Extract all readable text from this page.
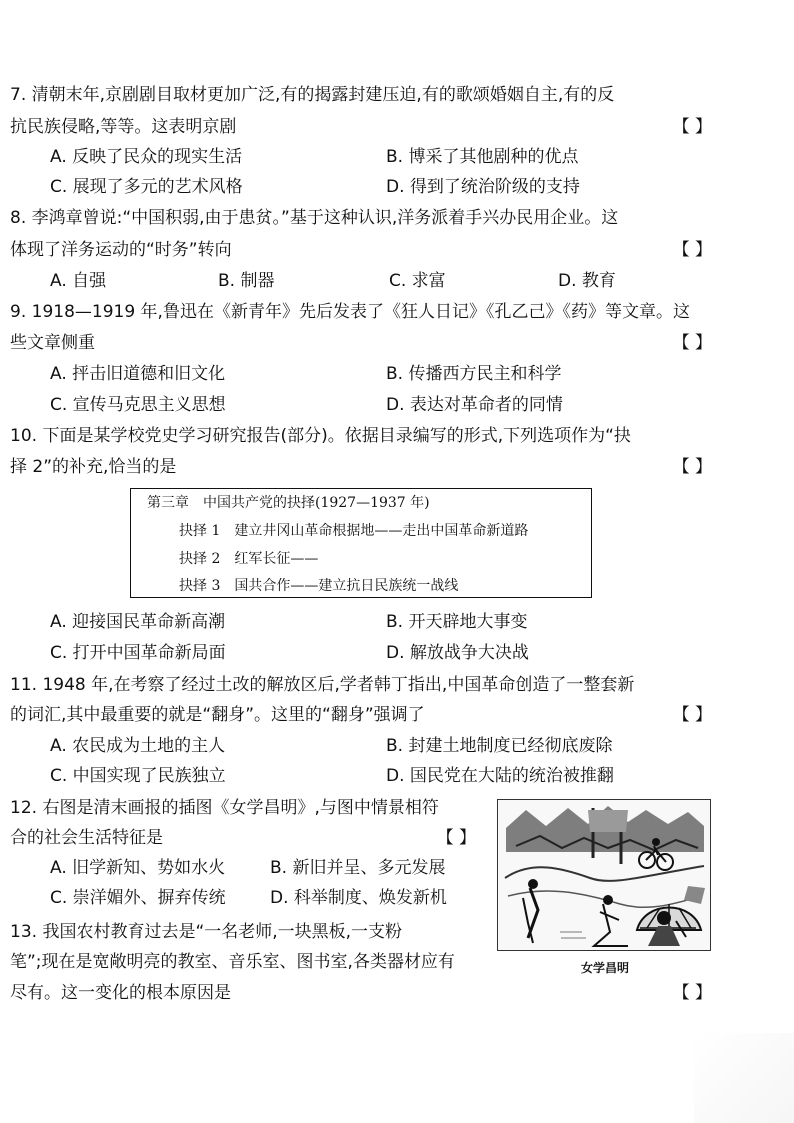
7. 清朝末年,京剧剧目取材更加广泛,有的揭露封建压迫,有的歌颂婚姻自主,有的反
抗民族侵略,等等。这表明京剧	【 】
A. 反映了民众的现实生活	B. 博采了其他剧种的优点
C. 展现了多元的艺术风格	D. 得到了统治阶级的支持
8. 李鸿章曾说:“中国积弱,由于患贫。”基于这种认识,洋务派着手兴办民用企业。这
体现了洋务运动的“时务”转向	【 】
A. 自强	B. 制器	C. 求富	D. 教育
9. 1918—1919 年,鲁迅在《新青年》先后发表了《狂人日记》《孔乙己》《药》等文章。这
些文章侧重	【 】
A. 抨击旧道德和旧文化	B. 传播西方民主和科学
C. 宣传马克思主义思想	D. 表达对革命者的同情
10. 下面是某学校党史学习研究报告(部分)。依据目录编写的形式,下列选项作为“抉
择 2”的补充,恰当的是	【 】
第三章　中国共产党的抉择(1927—1937 年)
抉择 1　建立井冈山革命根据地——走出中国革命新道路
抉择 2　红军长征——
抉择 3　国共合作——建立抗日民族统一战线
A. 迎接国民革命新高潮	B. 开天辟地大事变
C. 打开中国革命新局面	D. 解放战争大决战
11. 1948 年,在考察了经过土改的解放区后,学者韩丁指出,中国革命创造了一整套新
的词汇,其中最重要的就是“翻身”。这里的“翻身”强调了	【 】
A. 农民成为土地的主人	B. 封建土地制度已经彻底废除
C. 中国实现了民族独立	D. 国民党在大陆的统治被推翻
12. 右图是清末画报的插图《女学昌明》,与图中情景相符
合的社会生活特征是	【 】
A. 旧学新知、势如水火	B. 新旧并呈、多元发展
C. 崇洋媚外、摒弃传统	D. 科举制度、焕发新机
女学昌明
13. 我国农村教育过去是“一名老师,一块黑板,一支粉
笔”;现在是宽敞明亮的教室、音乐室、图书室,各类器材应有
尽有。这一变化的根本原因是	【 】
